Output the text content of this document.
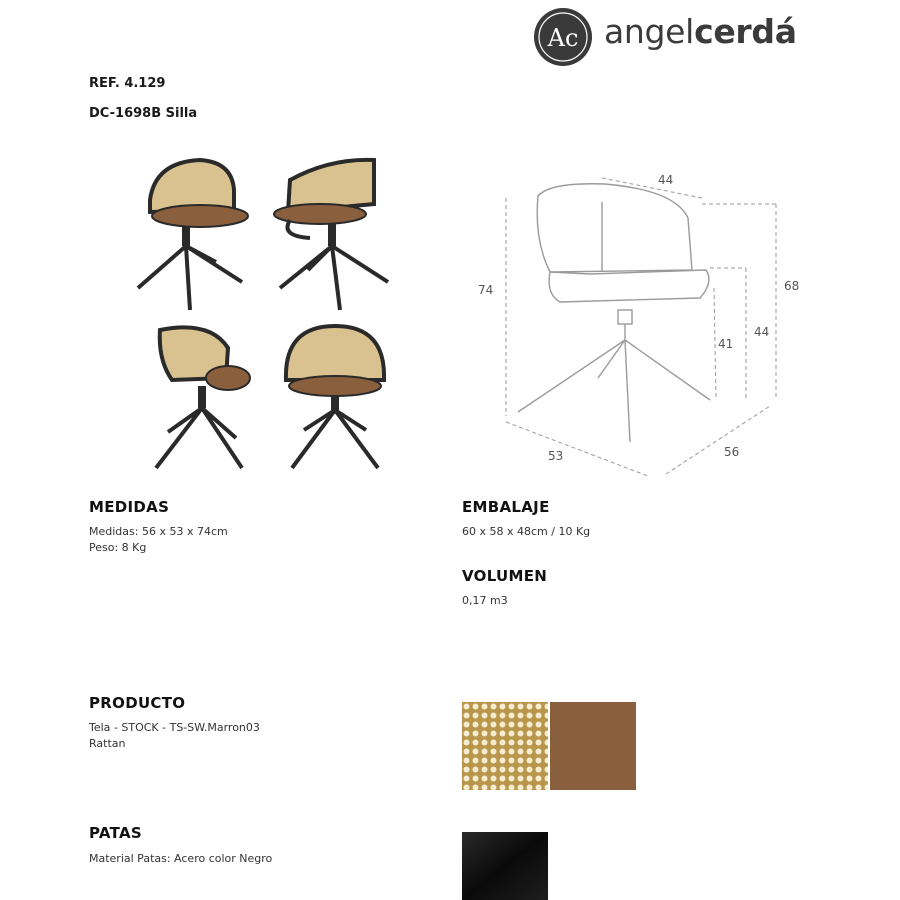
Ac angelcerdá
REF. 4.129
DC-1698B Silla
44
74	68
41
44
53	56
MEDIDAS
Medidas: 56 x 53 x 74cm
Peso: 8 Kg
EMBALAJE
60 x 58 x 48cm / 10 Kg
VOLUMEN
0,17 m3
PRODUCTO
Tela - STOCK - TS-SW.Marron03
Rattan
PATAS
Material Patas: Acero color Negro
